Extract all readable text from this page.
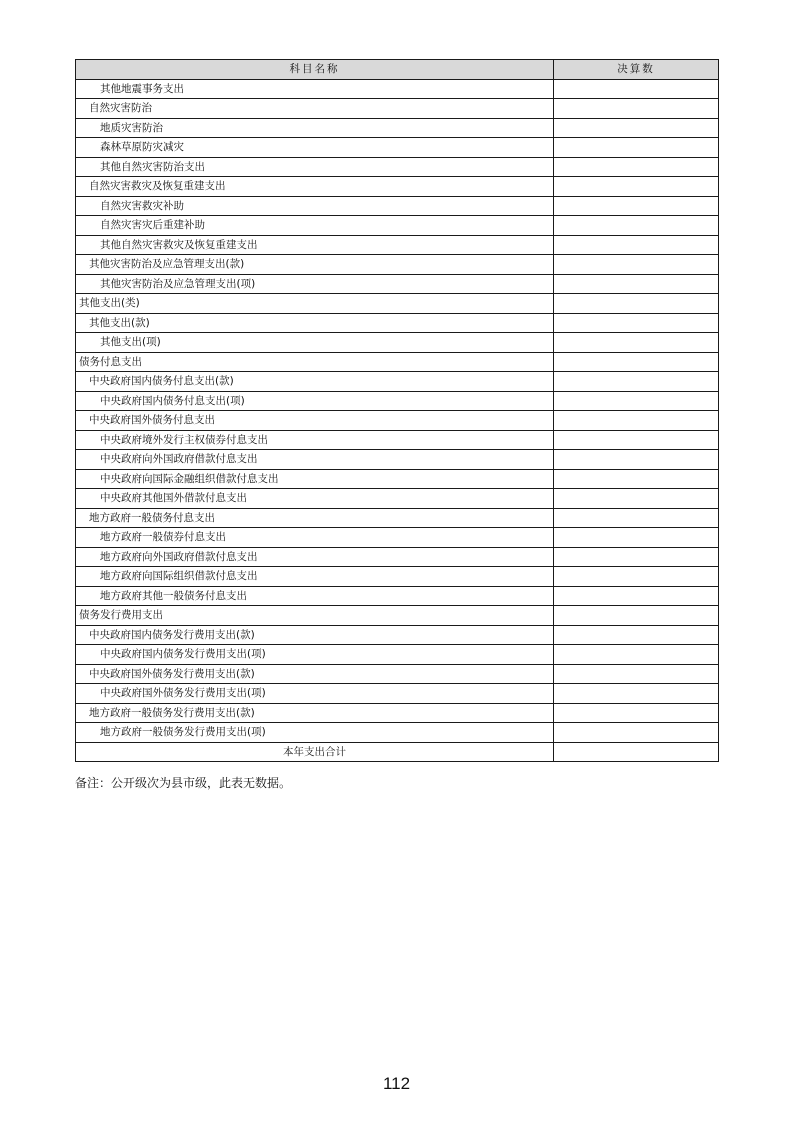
科目名称	决算数
其他地震事务支出	
自然灾害防治	
地质灾害防治	
森林草原防灾减灾	
其他自然灾害防治支出	
自然灾害救灾及恢复重建支出	
自然灾害救灾补助	
自然灾害灾后重建补助	
其他自然灾害救灾及恢复重建支出	
其他灾害防治及应急管理支出(款)	
其他灾害防治及应急管理支出(项)	
其他支出(类)	
其他支出(款)	
其他支出(项)	
债务付息支出	
中央政府国内债务付息支出(款)	
中央政府国内债务付息支出(项)	
中央政府国外债务付息支出	
中央政府境外发行主权债券付息支出	
中央政府向外国政府借款付息支出	
中央政府向国际金融组织借款付息支出	
中央政府其他国外借款付息支出	
地方政府一般债务付息支出	
地方政府一般债券付息支出	
地方政府向外国政府借款付息支出	
地方政府向国际组织借款付息支出	
地方政府其他一般债务付息支出	
债务发行费用支出	
中央政府国内债务发行费用支出(款)	
中央政府国内债务发行费用支出(项)	
中央政府国外债务发行费用支出(款)	
中央政府国外债务发行费用支出(项)	
地方政府一般债务发行费用支出(款)	
地方政府一般债务发行费用支出(项)	
本年支出合计	
备注：公开级次为县市级，此表无数据。
112
